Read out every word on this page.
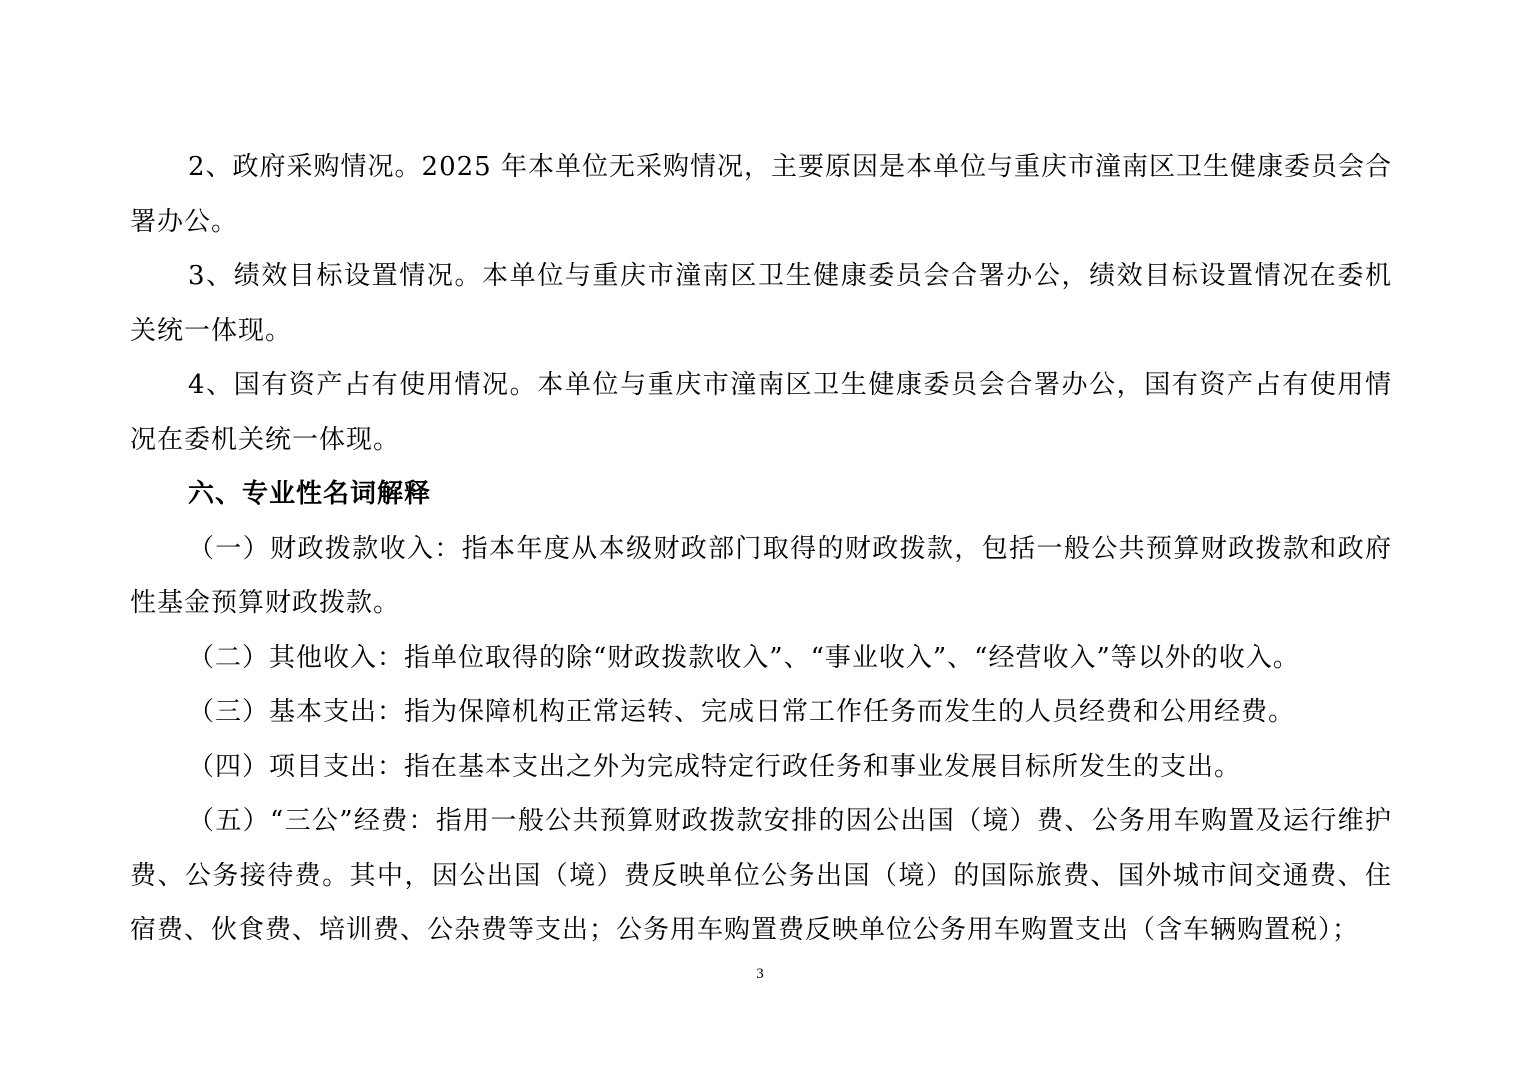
2、政府采购情况。2025 年本单位无采购情况，主要原因是本单位与重庆市潼南区卫生健康委员会合署办公。

3、绩效目标设置情况。本单位与重庆市潼南区卫生健康委员会合署办公，绩效目标设置情况在委机关统一体现。

4、国有资产占有使用情况。本单位与重庆市潼南区卫生健康委员会合署办公，国有资产占有使用情况在委机关统一体现。

六、专业性名词解释

（一）财政拨款收入：指本年度从本级财政部门取得的财政拨款，包括一般公共预算财政拨款和政府性基金预算财政拨款。

（二）其他收入：指单位取得的除“财政拨款收入”、“事业收入”、“经营收入”等以外的收入。

（三）基本支出：指为保障机构正常运转、完成日常工作任务而发生的人员经费和公用经费。

（四）项目支出：指在基本支出之外为完成特定行政任务和事业发展目标所发生的支出。

（五）“三公”经费：指用一般公共预算财政拨款安排的因公出国（境）费、公务用车购置及运行维护费、公务接待费。其中，因公出国（境）费反映单位公务出国（境）的国际旅费、国外城市间交通费、住宿费、伙食费、培训费、公杂费等支出；公务用车购置费反映单位公务用车购置支出（含车辆购置税）；

3
